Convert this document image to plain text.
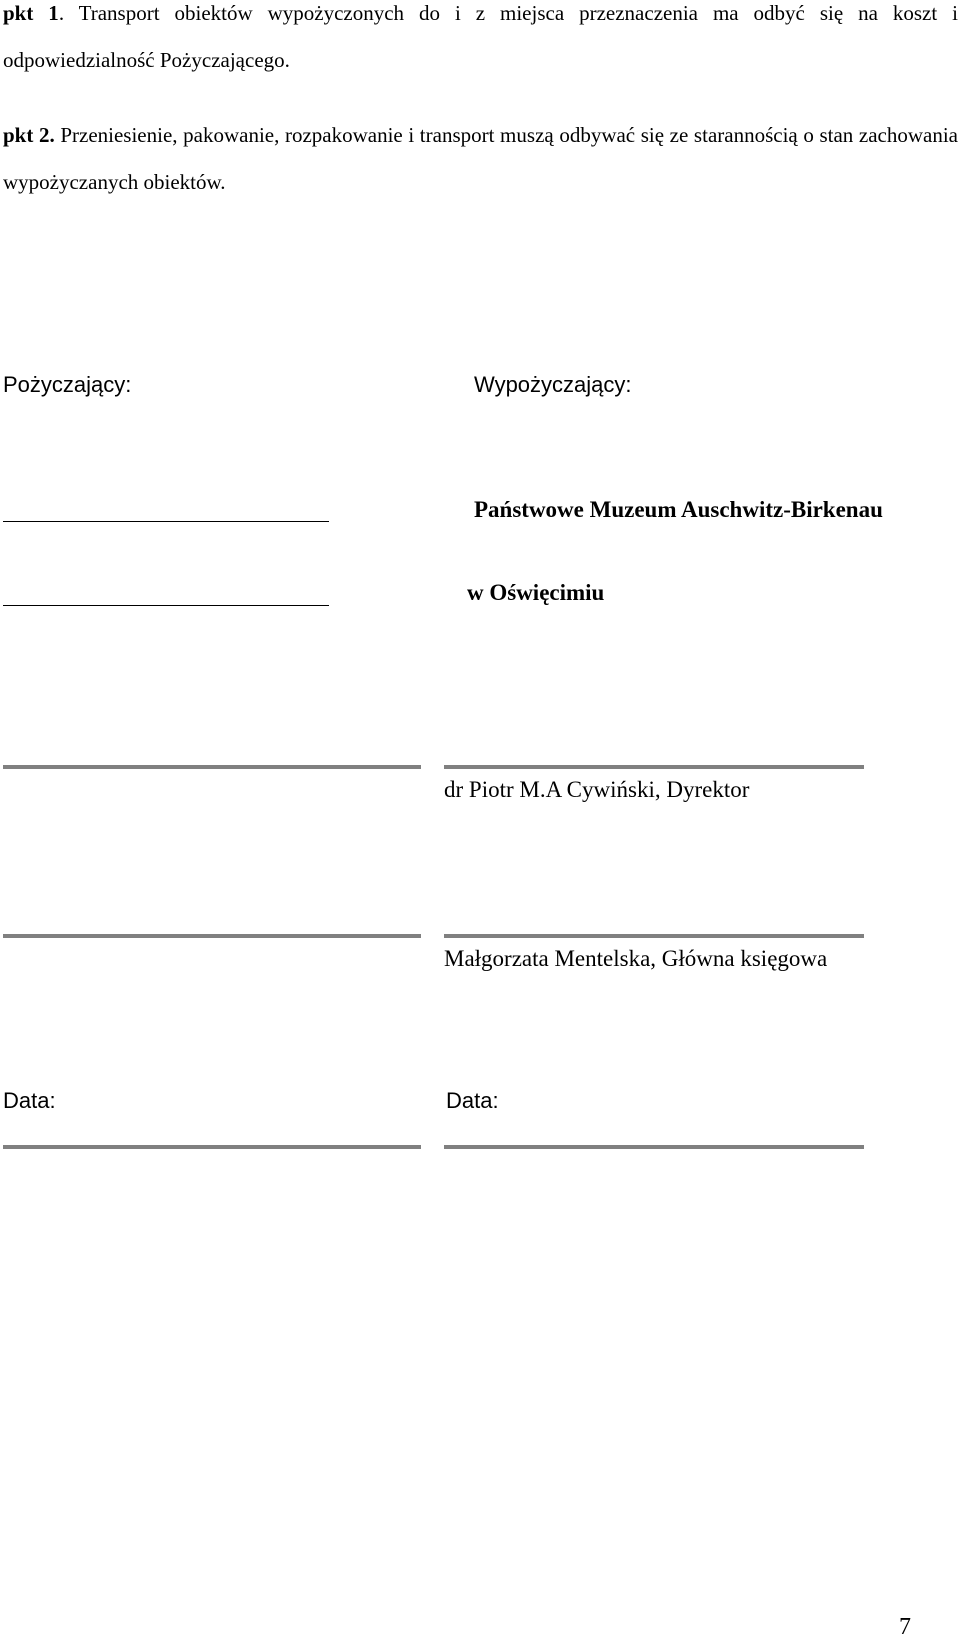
pkt 1. Transport obiektów wypożyczonych do i z miejsca przeznaczenia ma odbyć się na koszt i odpowiedzialność Pożyczającego.
pkt 2. Przeniesienie, pakowanie, rozpakowanie i transport muszą odbywać się ze starannością o stan zachowania wypożyczanych obiektów.
Pożyczający:	Wypożyczający:
Państwowe Muzeum Auschwitz-Birkenau
w Oświęcimiu
dr Piotr M.A Cywiński, Dyrektor
Małgorzata Mentelska, Główna księgowa
Data:	Data:
7
